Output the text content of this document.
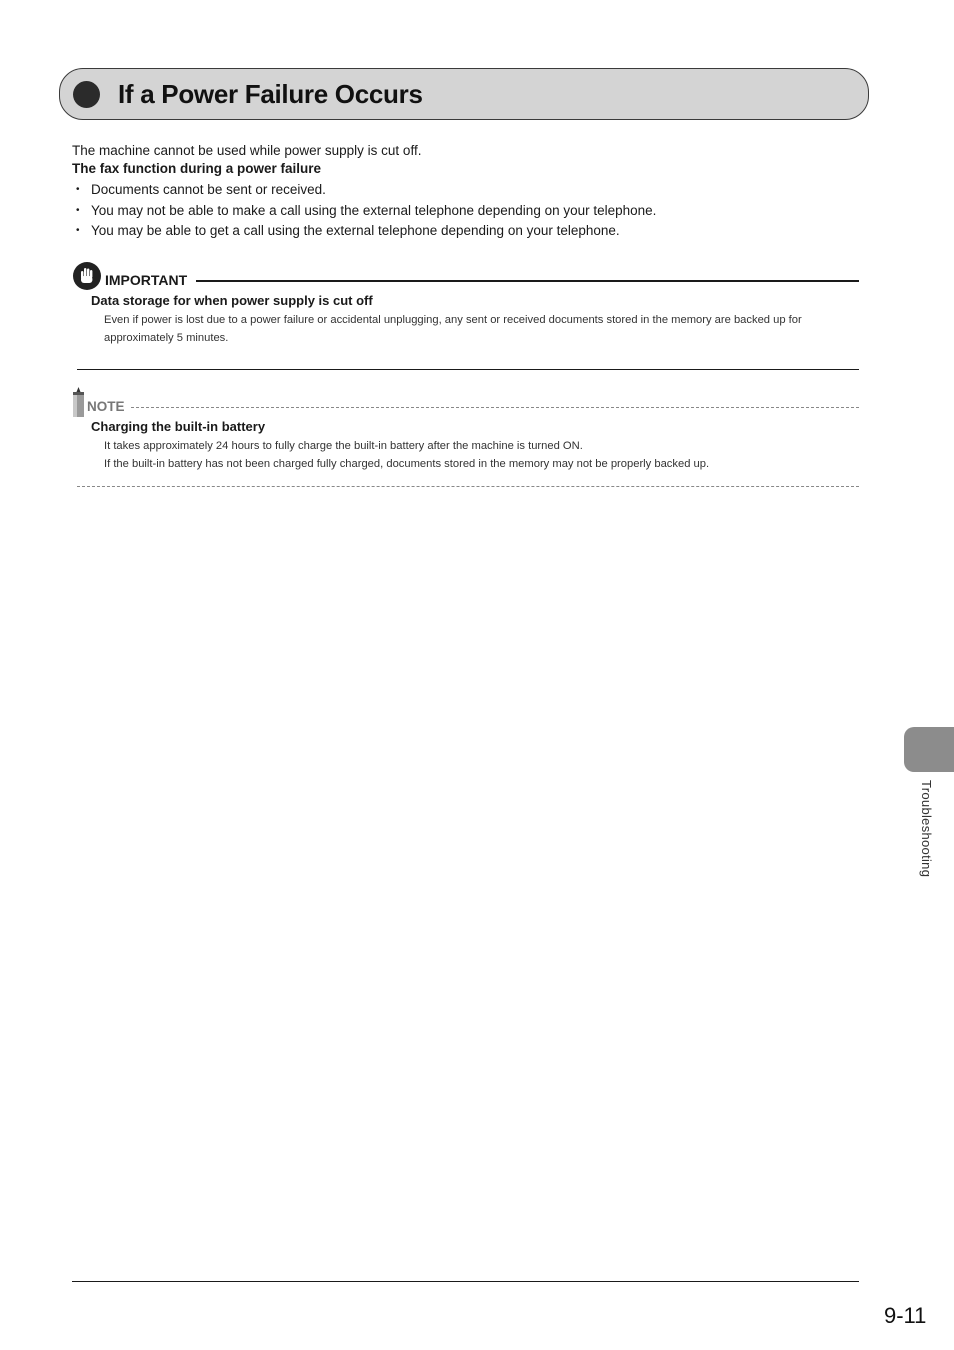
If a Power Failure Occurs
The machine cannot be used while power supply is cut off.
The fax function during a power failure
• Documents cannot be sent or received.
• You may not be able to make a call using the external telephone depending on your telephone.
• You may be able to get a call using the external telephone depending on your telephone.
IMPORTANT
Data storage for when power supply is cut off
Even if power is lost due to a power failure or accidental unplugging, any sent or received documents stored in the memory are backed up for approximately 5 minutes.
NOTE
Charging the built-in battery
It takes approximately 24 hours to fully charge the built-in battery after the machine is turned ON.
If the built-in battery has not been charged fully charged, documents stored in the memory may not be properly backed up.
Troubleshooting
9-11
